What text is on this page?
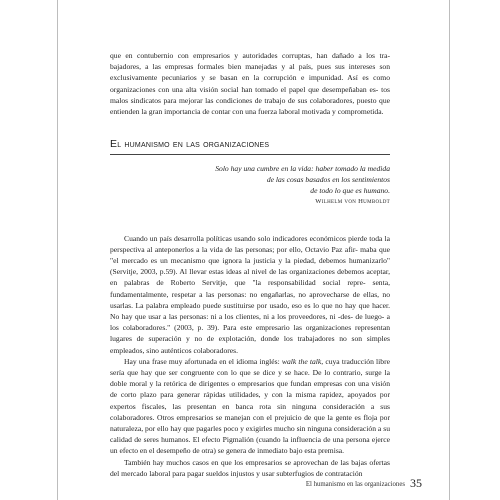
que en contubernio con empresarios y autoridades corruptas, han dañado a los tra- bajadores, a las empresas formales bien manejadas y al país, pues sus intereses son exclusivamente pecuniarios y se basan en la corrupción e impunidad. Así es como organizaciones con una alta visión social han tomado el papel que desempeñaban es- tos malos sindicatos para mejorar las condiciones de trabajo de sus colaboradores, puesto que entienden la gran importancia de contar con una fuerza laboral motivada y comprometida.

El humanismo en las organizaciones
Solo hay una cumbre en la vida: haber tomado la medida
de las cosas basados en los sentimientos
de todo lo que es humano.
Wilhelm von Humboldt

Cuando un país desarrolla políticas usando solo indicadores económicos pierde toda la perspectiva al anteponerlos a la vida de las personas; por ello, Octavio Paz afir- maba que "el mercado es un mecanismo que ignora la justicia y la piedad, debemos humanizarlo" (Servitje, 2003, p.59). Al llevar estas ideas al nivel de las organizaciones debemos aceptar, en palabras de Roberto Servitje, que "la responsabilidad social repre- senta, fundamentalmente, respetar a las personas: no engañarlas, no aprovecharse de ellas, no usarlas. La palabra empleado puede sustituirse por usado, eso es lo que no hay que hacer. No hay que usar a las personas: ni a los clientes, ni a los proveedores, ni -des- de luego- a los colaboradores." (2003, p. 39). Para este empresario las organizaciones representan lugares de superación y no de explotación, donde los trabajadores no son simples empleados, sino auténticos colaboradores.

Hay una frase muy afortunada en el idioma inglés: walk the talk, cuya traducción libre sería que hay que ser congruente con lo que se dice y se hace. De lo contrario, surge la doble moral y la retórica de dirigentes o empresarios que fundan empresas con una visión de corto plazo para generar rápidas utilidades, y con la misma rapidez, apoyados por expertos fiscales, las presentan en banca rota sin ninguna consideración a sus colaboradores. Otros empresarios se manejan con el prejuicio de que la gente es floja por naturaleza, por ello hay que pagarles poco y exigirles mucho sin ninguna consideración a su calidad de seres humanos. El efecto Pigmalión (cuando la influencia de una persona ejerce un efecto en el desempeño de otra) se genera de inmediato bajo esta premisa.

También hay muchos casos en que los empresarios se aprovechan de las bajas ofertas del mercado laboral para pagar sueldos injustos y usar subterfugios de contratación

El humanismo en las organizaciones 35
